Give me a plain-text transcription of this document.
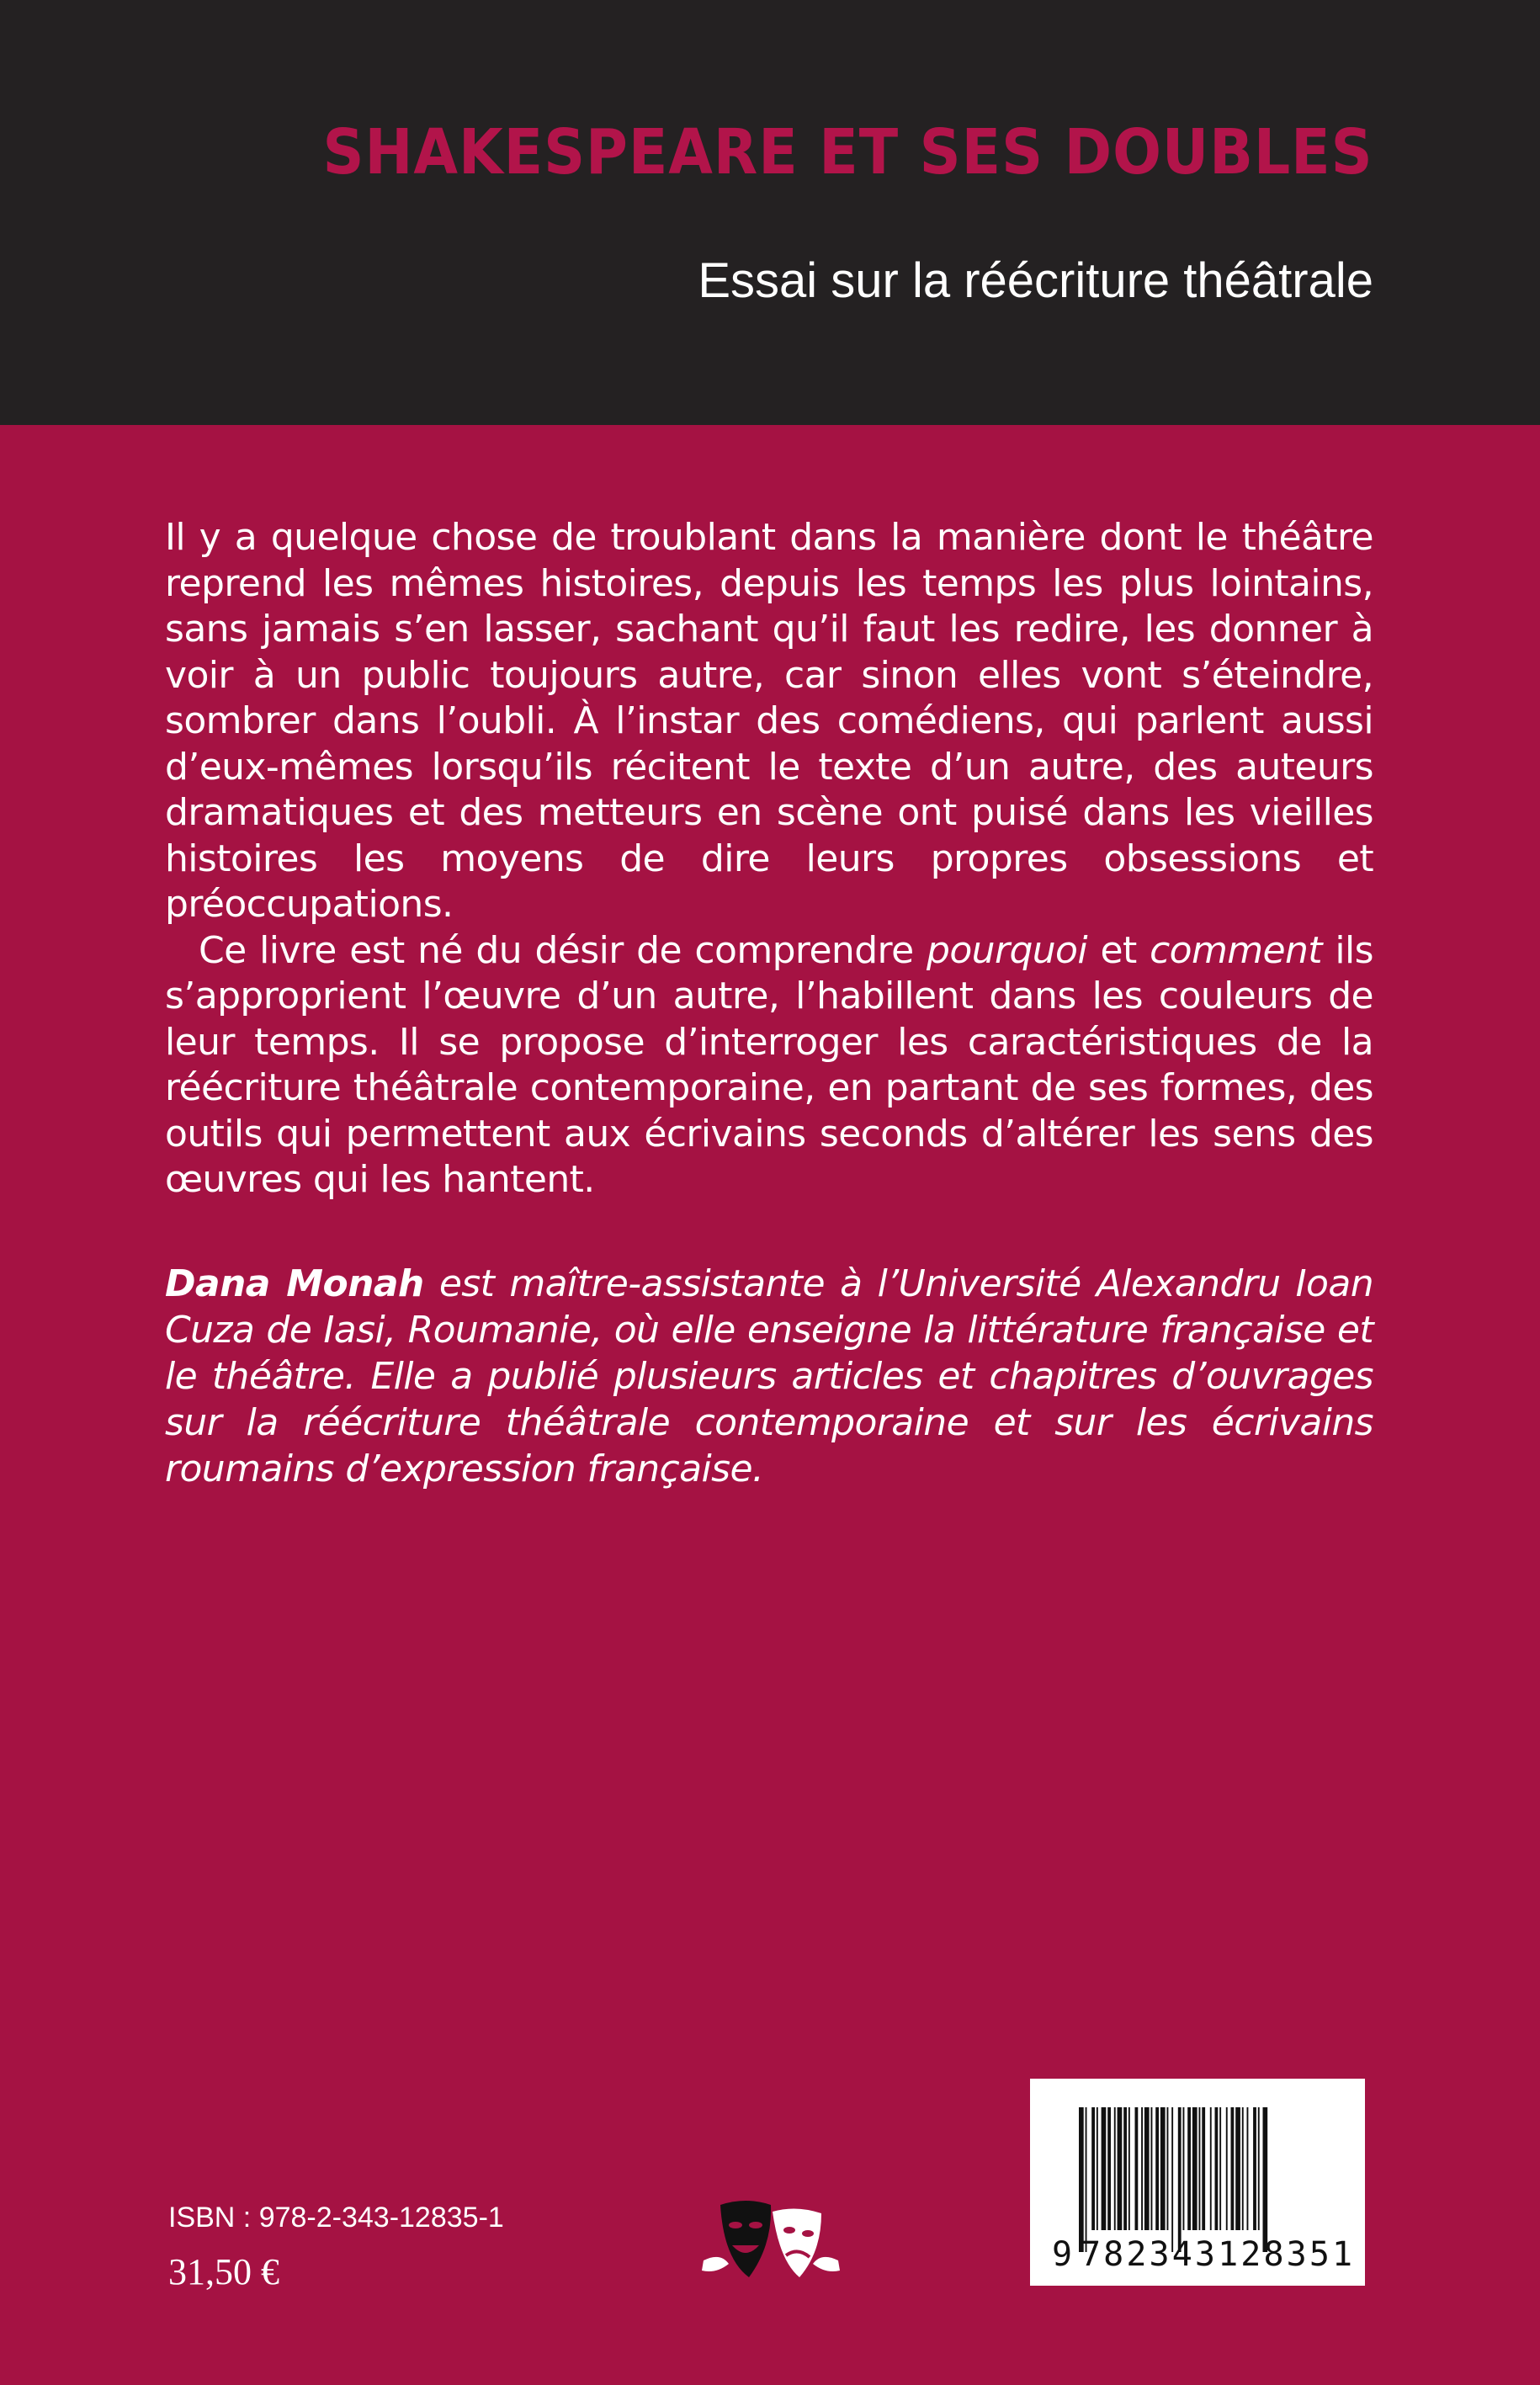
SHAKESPEARE ET SES DOUBLES
Essai sur la réécriture théâtrale

Il y a quelque chose de troublant dans la manière dont le théâtre reprend les mêmes histoires, depuis les temps les plus lointains, sans jamais s’en lasser, sachant qu’il faut les redire, les donner à voir à un public toujours autre, car sinon elles vont s’éteindre, sombrer dans l’oubli. À l’instar des comédiens, qui parlent aussi d’eux-mêmes lorsqu’ils récitent le texte d’un autre, des auteurs dramatiques et des metteurs en scène ont puisé dans les vieilles histoires les moyens de dire leurs propres obsessions et préoccupations.

Ce livre est né du désir de comprendre pourquoi et comment ils s’approprient l’œuvre d’un autre, l’habillent dans les couleurs de leur temps. Il se propose d’interroger les caractéristiques de la réécriture théâtrale contemporaine, en partant de ses formes, des outils qui permettent aux écrivains seconds d’altérer les sens des œuvres qui les hantent.

Dana Monah est maître-assistante à l’Université Alexandru Ioan Cuza de Iasi, Roumanie, où elle enseigne la littérature française et le théâtre. Elle a publié plusieurs articles et chapitres d’ouvrages sur la réécriture théâtrale contemporaine et sur les écrivains roumains d’expression française.

ISBN : 978-2-343-12835-1
31,50 €	9 782343128351
